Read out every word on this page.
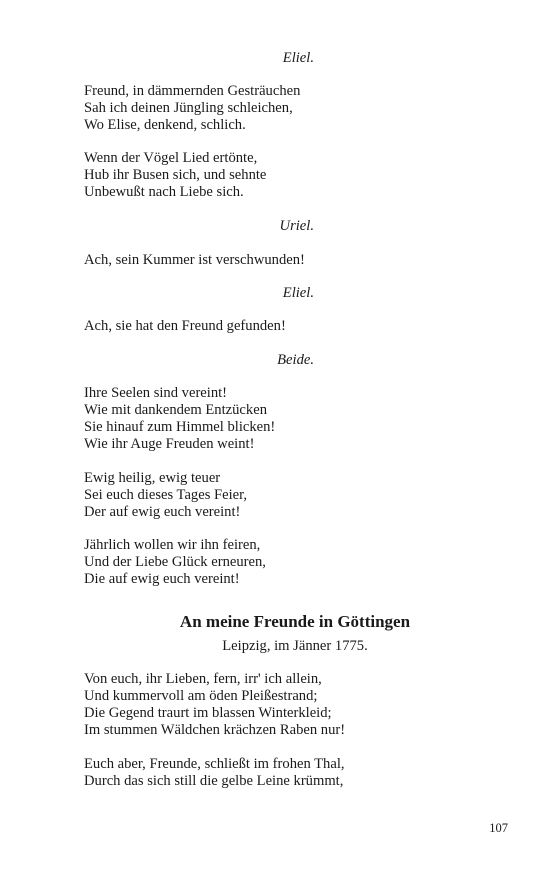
Eliel.
Freund, in dämmernden Gesträuchen
Sah ich deinen Jüngling schleichen,
Wo Elise, denkend, schlich.
Wenn der Vögel Lied ertönte,
Hub ihr Busen sich, und sehnte
Unbewußt nach Liebe sich.
Uriel.
Ach, sein Kummer ist verschwunden!
Eliel.
Ach, sie hat den Freund gefunden!
Beide.
Ihre Seelen sind vereint!
Wie mit dankendem Entzücken
Sie hinauf zum Himmel blicken!
Wie ihr Auge Freuden weint!
Ewig heilig, ewig teuer
Sei euch dieses Tages Feier,
Der auf ewig euch vereint!
Jährlich wollen wir ihn feiren,
Und der Liebe Glück erneuren,
Die auf ewig euch vereint!
An meine Freunde in Göttingen
Leipzig, im Jänner 1775.
Von euch, ihr Lieben, fern, irr' ich allein,
Und kummervoll am öden Pleißestrand;
Die Gegend traurt im blassen Winterkleid;
Im stummen Wäldchen krächzen Raben nur!
Euch aber, Freunde, schließt im frohen Thal,
Durch das sich still die gelbe Leine krümmt,
107
